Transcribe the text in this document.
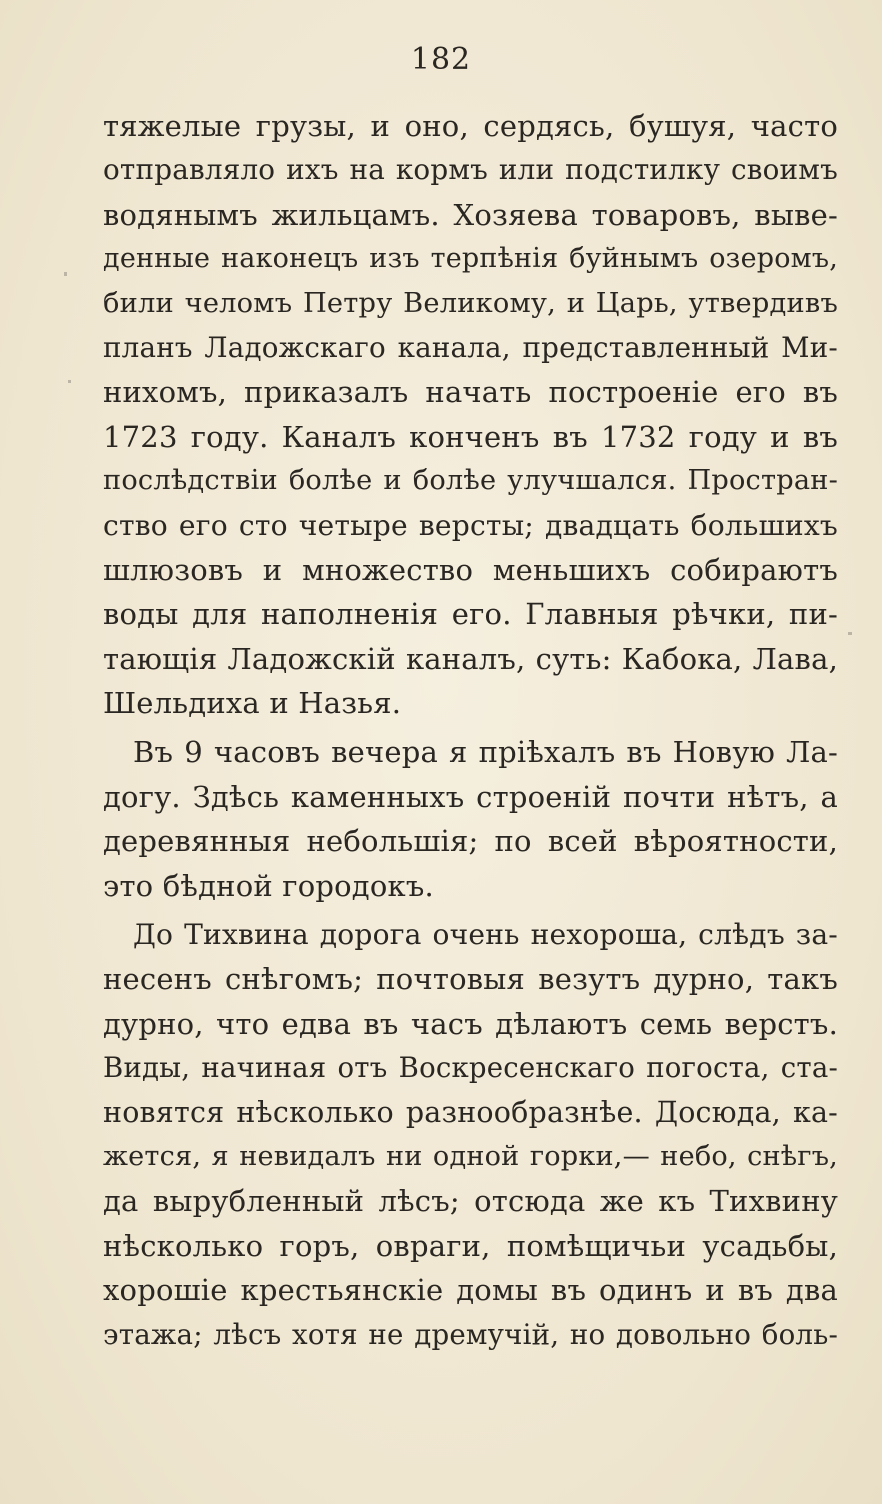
182
тяжелые грузы, и оно, сердясь, бушуя, часто
отправляло ихъ на кормъ или подстилку своимъ
водянымъ жильцамъ. Хозяева товаровъ, выве-
денные наконецъ изъ терпѣнія буйнымъ озеромъ,
били челомъ Петру Великому, и Царь, утвердивъ
планъ Ладожскаго канала, представленный Ми-
нихомъ, приказалъ начать построеніе его въ
1723 году. Каналъ конченъ въ 1732 году и въ
послѣдствіи болѣе и болѣе улучшался. Простран-
ство его сто четыре версты; двадцать большихъ
шлюзовъ и множество меньшихъ собираютъ
воды для наполненія его. Главныя рѣчки, пи-
тающія Ладожскій каналъ, суть: Кабока, Лава,
Шельдиха и Назья.
Въ 9 часовъ вечера я пріѣхалъ въ Новую Ла-
догу. Здѣсь каменныхъ строеній почти нѣтъ, а
деревянныя небольшія; по всей вѣроятности,
это бѣдной городокъ.
До Тихвина дорога очень нехороша, слѣдъ за-
несенъ снѣгомъ; почтовыя везутъ дурно, такъ
дурно, что едва въ часъ дѣлаютъ семь верстъ.
Виды, начиная отъ Воскресенскаго погоста, ста-
новятся нѣсколько разнообразнѣе. Досюда, ка-
жется, я невидалъ ни одной горки,— небо, снѣгъ,
да вырубленный лѣсъ; отсюда же къ Тихвину
нѣсколько горъ, овраги, помѣщичьи усадьбы,
хорошіе крестьянскіе домы въ одинъ и въ два
этажа; лѣсъ хотя не дремучій, но довольно боль-
